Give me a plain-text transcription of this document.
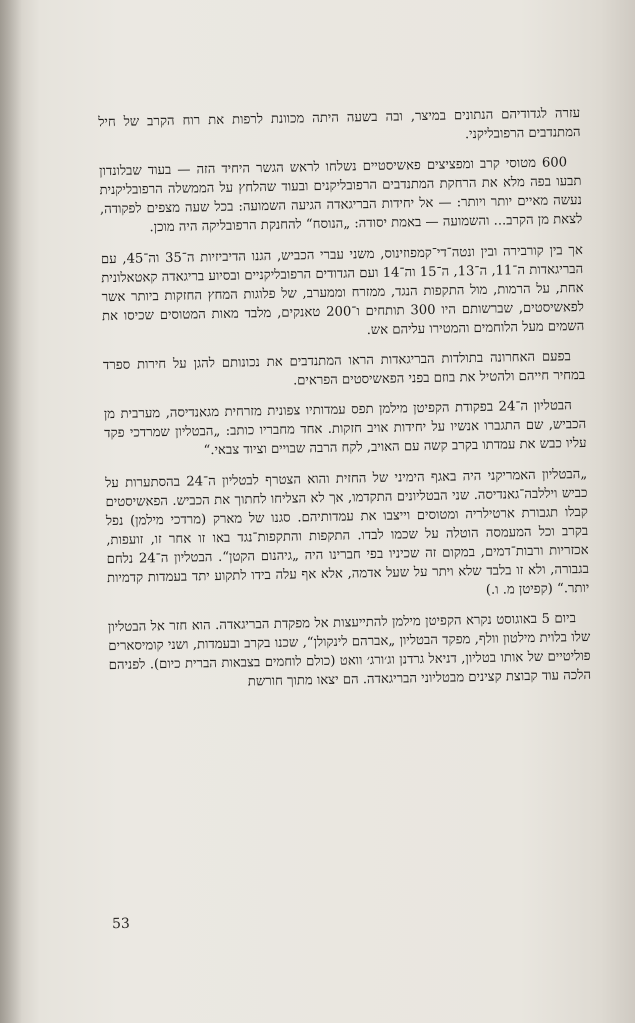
עזרה לגדודיהם הנתונים במיצר, ובה בשעה היתה מכוונת לרפות את רוח הקרב של חיל המתנדבים הרפובליקני.

600 מטוסי קרב ומפציצים פאשיסטיים נשלחו לראש הגשר היחיד הזה — בעוד שבלונדון תבעו בפה מלא את הרחקת המתנדבים הרפובליקנים ובעוד שהלחץ על הממשלה הרפובליקנית נעשה מאיים יותר ויותר: — אל יחידות הבריגאדה הגיעה השמועה: בכל שעה מצפים לפקודה, לצאת מן הקרב... והשמועה — באמת יסודה: „הנוסח“ להחנקת הרפובליקה היה מוכן.

אך בין קורבירה ובין ונטה־די־קמפוזינוס, משני עברי הכביש, הגנו הדיביזיות ה־35 וה־45, עם הבריגאדות ה־11, ה־13, ה־15 וה־14 ועם הגדודים הרפובליקניים ובסיוע בריגאדה קאטאלונית אחת, על הרמות, מול התקפות הנגד, ממזרח וממערב, של פלוגות המחץ החזקות ביותר אשר לפאשיסטים, שברשותם היו 300 תותחים ו־200 טאנקים, מלבד מאות המטוסים שכיסו את השמים מעל הלוחמים והמטירו עליהם אש.

בפעם האחרונה בתולדות הבריגאדות הראו המתנדבים את נכונותם להגן על חירות ספרד במחיר חייהם ולהטיל את בוזם בפני הפאשיסטים הפראים.

הבטליון ה־24 בפקודת הקפיטן מילמן תפס עמדותיו צפונית מזרחית מגאנדיסה, מערבית מן הכביש, שם התגברו אנשיו על יחידות אויב חזקות. אחד מחבריו כותב: „הבטליון שמרדכי פקד עליו כבש את עמדתו בקרב קשה עם האויב, לקח הרבה שבויים וציוד צבאי.“

„הבטליון האמריקני היה באגף הימיני של החזית והוא הצטרף לבטליון ה־24 בהסתערות על כביש ויללבה־גאנדיסה. שני הבטליונים התקדמו, אך לא הצליחו לחתוך את הכביש. הפאשיסטים קבלו תגבורת ארטילריה ומטוסים וייצבו את עמדותיהם. סגנו של מארק (מרדכי מילמן) נפל בקרב וכל המעמסה הוטלה על שכמו לבדו. התקפות והתקפות־נגד באו זו אחר זו, זועפות, אכזריות ורבות־דמים, במקום זה שכיניו בפי חברינו היה „גיהנום הקטן“. הבטליון ה־24 נלחם בגבורה, ולא זו בלבד שלא ויתר על שעל אדמה, אלא אף עלה בידו לתקוע יתד בעמדות קדמיות יותר.“ (קפיטן מ. ו.)

ביום 5 באוגוסט נקרא הקפיטן מילמן להתייעצות אל מפקדת הבריגאדה. הוא חזר אל הבטליון שלו בלוית מילטון וולף, מפקד הבטליון „אברהם לינקולן“, שכנו בקרב ובעמדות, ושני קומיסארים פוליטיים של אותו בטליון, דניאל גרדנן וג׳ורג׳ וואט (כולם לוחמים בצבאות הברית כיום). לפניהם הלכה עוד קבוצת קצינים מבטליוני הבריגאדה. הם יצאו מתוך חורשת

53
